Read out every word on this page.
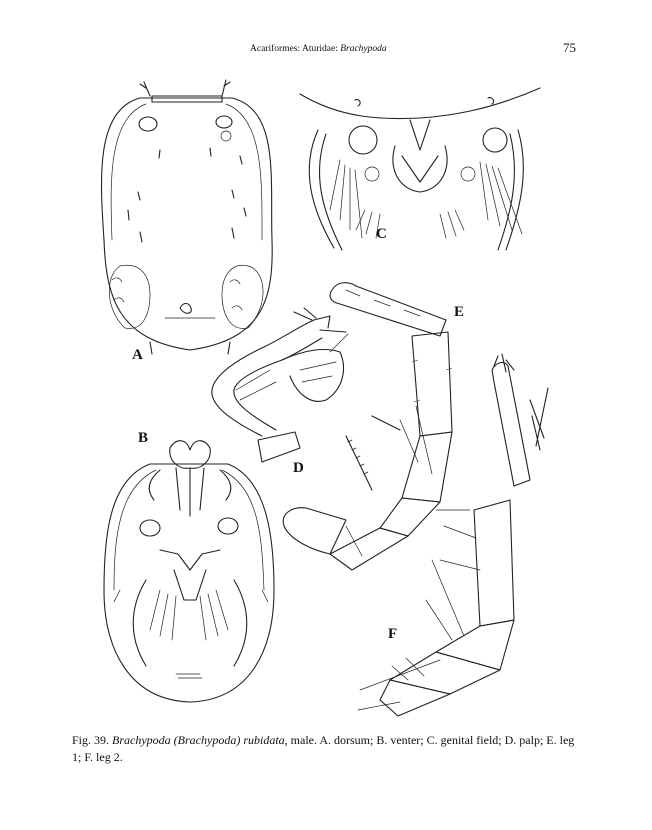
Acariformes: Aturidae: Brachypoda	75
A
C
D
E
B
F
Fig. 39. Brachypoda (Brachypoda) rubidata, male. A. dorsum; B. venter; C. genital field; D. palp; E. leg 1; F. leg 2.
